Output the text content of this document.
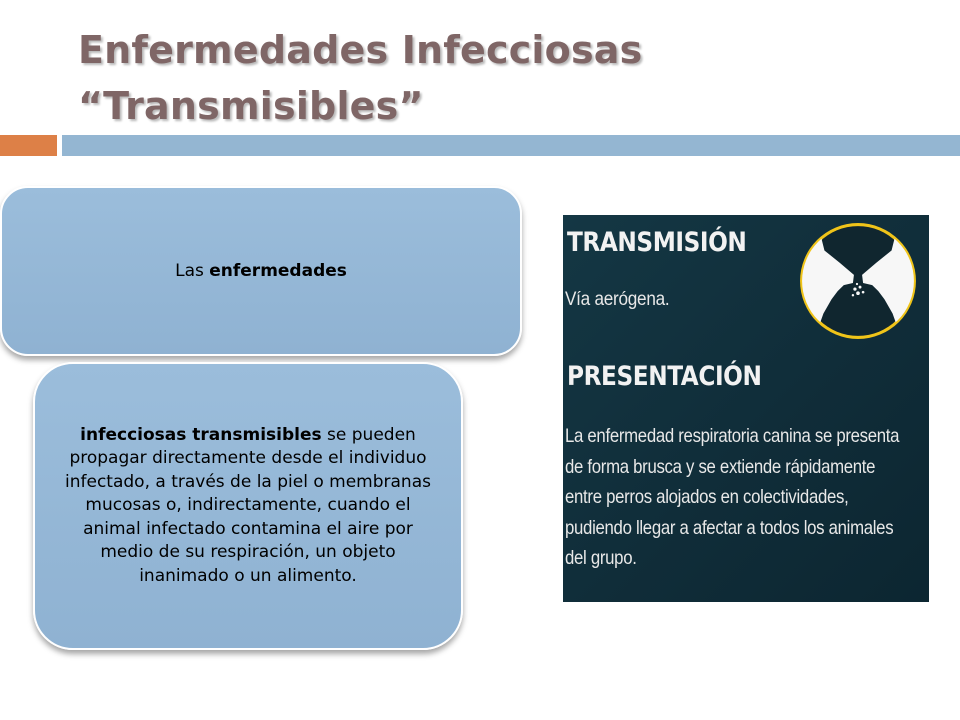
Enfermedades Infecciosas
“Transmisibles”
Las enfermedades

infecciosas transmisibles se pueden propagar directamente desde el individuo infectado, a través de la piel o membranas mucosas o, indirectamente, cuando el animal infectado contamina el aire por medio de su respiración, un objeto inanimado o un alimento.

TRANSMISIÓN

Vía aerógena.

PRESENTACIÓN

La enfermedad respiratoria canina se presenta
de forma brusca y se extiende rápidamente
entre perros alojados en colectividades,
pudiendo llegar a afectar a todos los animales
del grupo.
